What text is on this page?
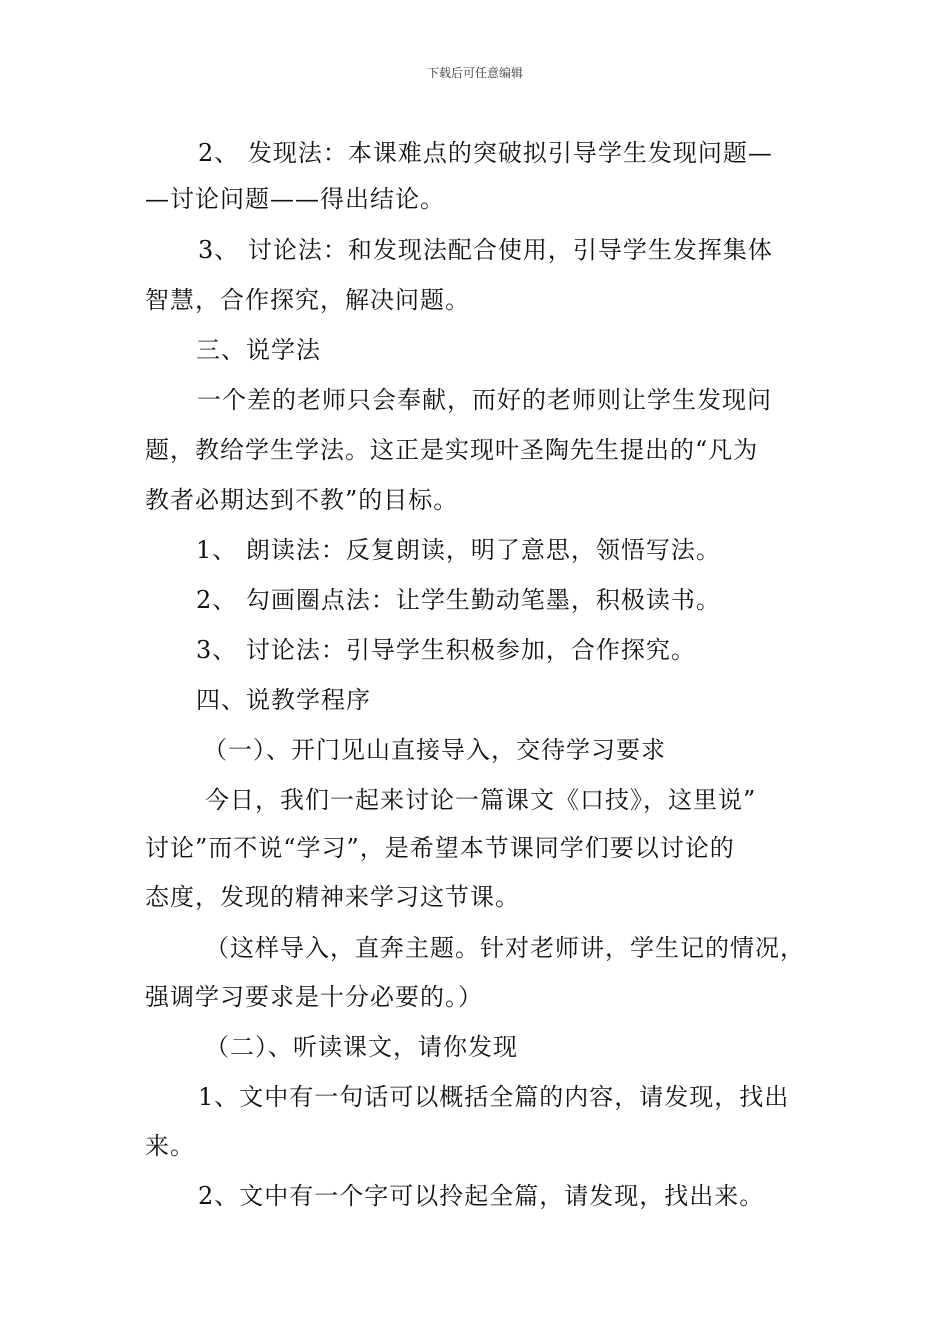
下载后可任意编辑
2、 发现法：本课难点的突破拟引导学生发现问题—
—讨论问题——得出结论。
3、 讨论法：和发现法配合使用，引导学生发挥集体
智慧，合作探究，解决问题。
三、说学法
一个差的老师只会奉献，而好的老师则让学生发现问
题，教给学生学法。这正是实现叶圣陶先生提出的“凡为
教者必期达到不教”的目标。
1、 朗读法：反复朗读，明了意思，领悟写法。
2、 勾画圈点法：让学生勤动笔墨，积极读书。
3、 讨论法：引导学生积极参加，合作探究。
四、说教学程序
（一）、开门见山直接导入，交待学习要求
今日，我们一起来讨论一篇课文《口技》，这里说”
讨论”而不说“学习”，是希望本节课同学们要以讨论的
态度，发现的精神来学习这节课。
（这样导入，直奔主题。针对老师讲，学生记的情况，
强调学习要求是十分必要的。）
（二）、听读课文，请你发现
1、文中有一句话可以概括全篇的内容，请发现，找出
来。
2、文中有一个字可以拎起全篇，请发现，找出来。
